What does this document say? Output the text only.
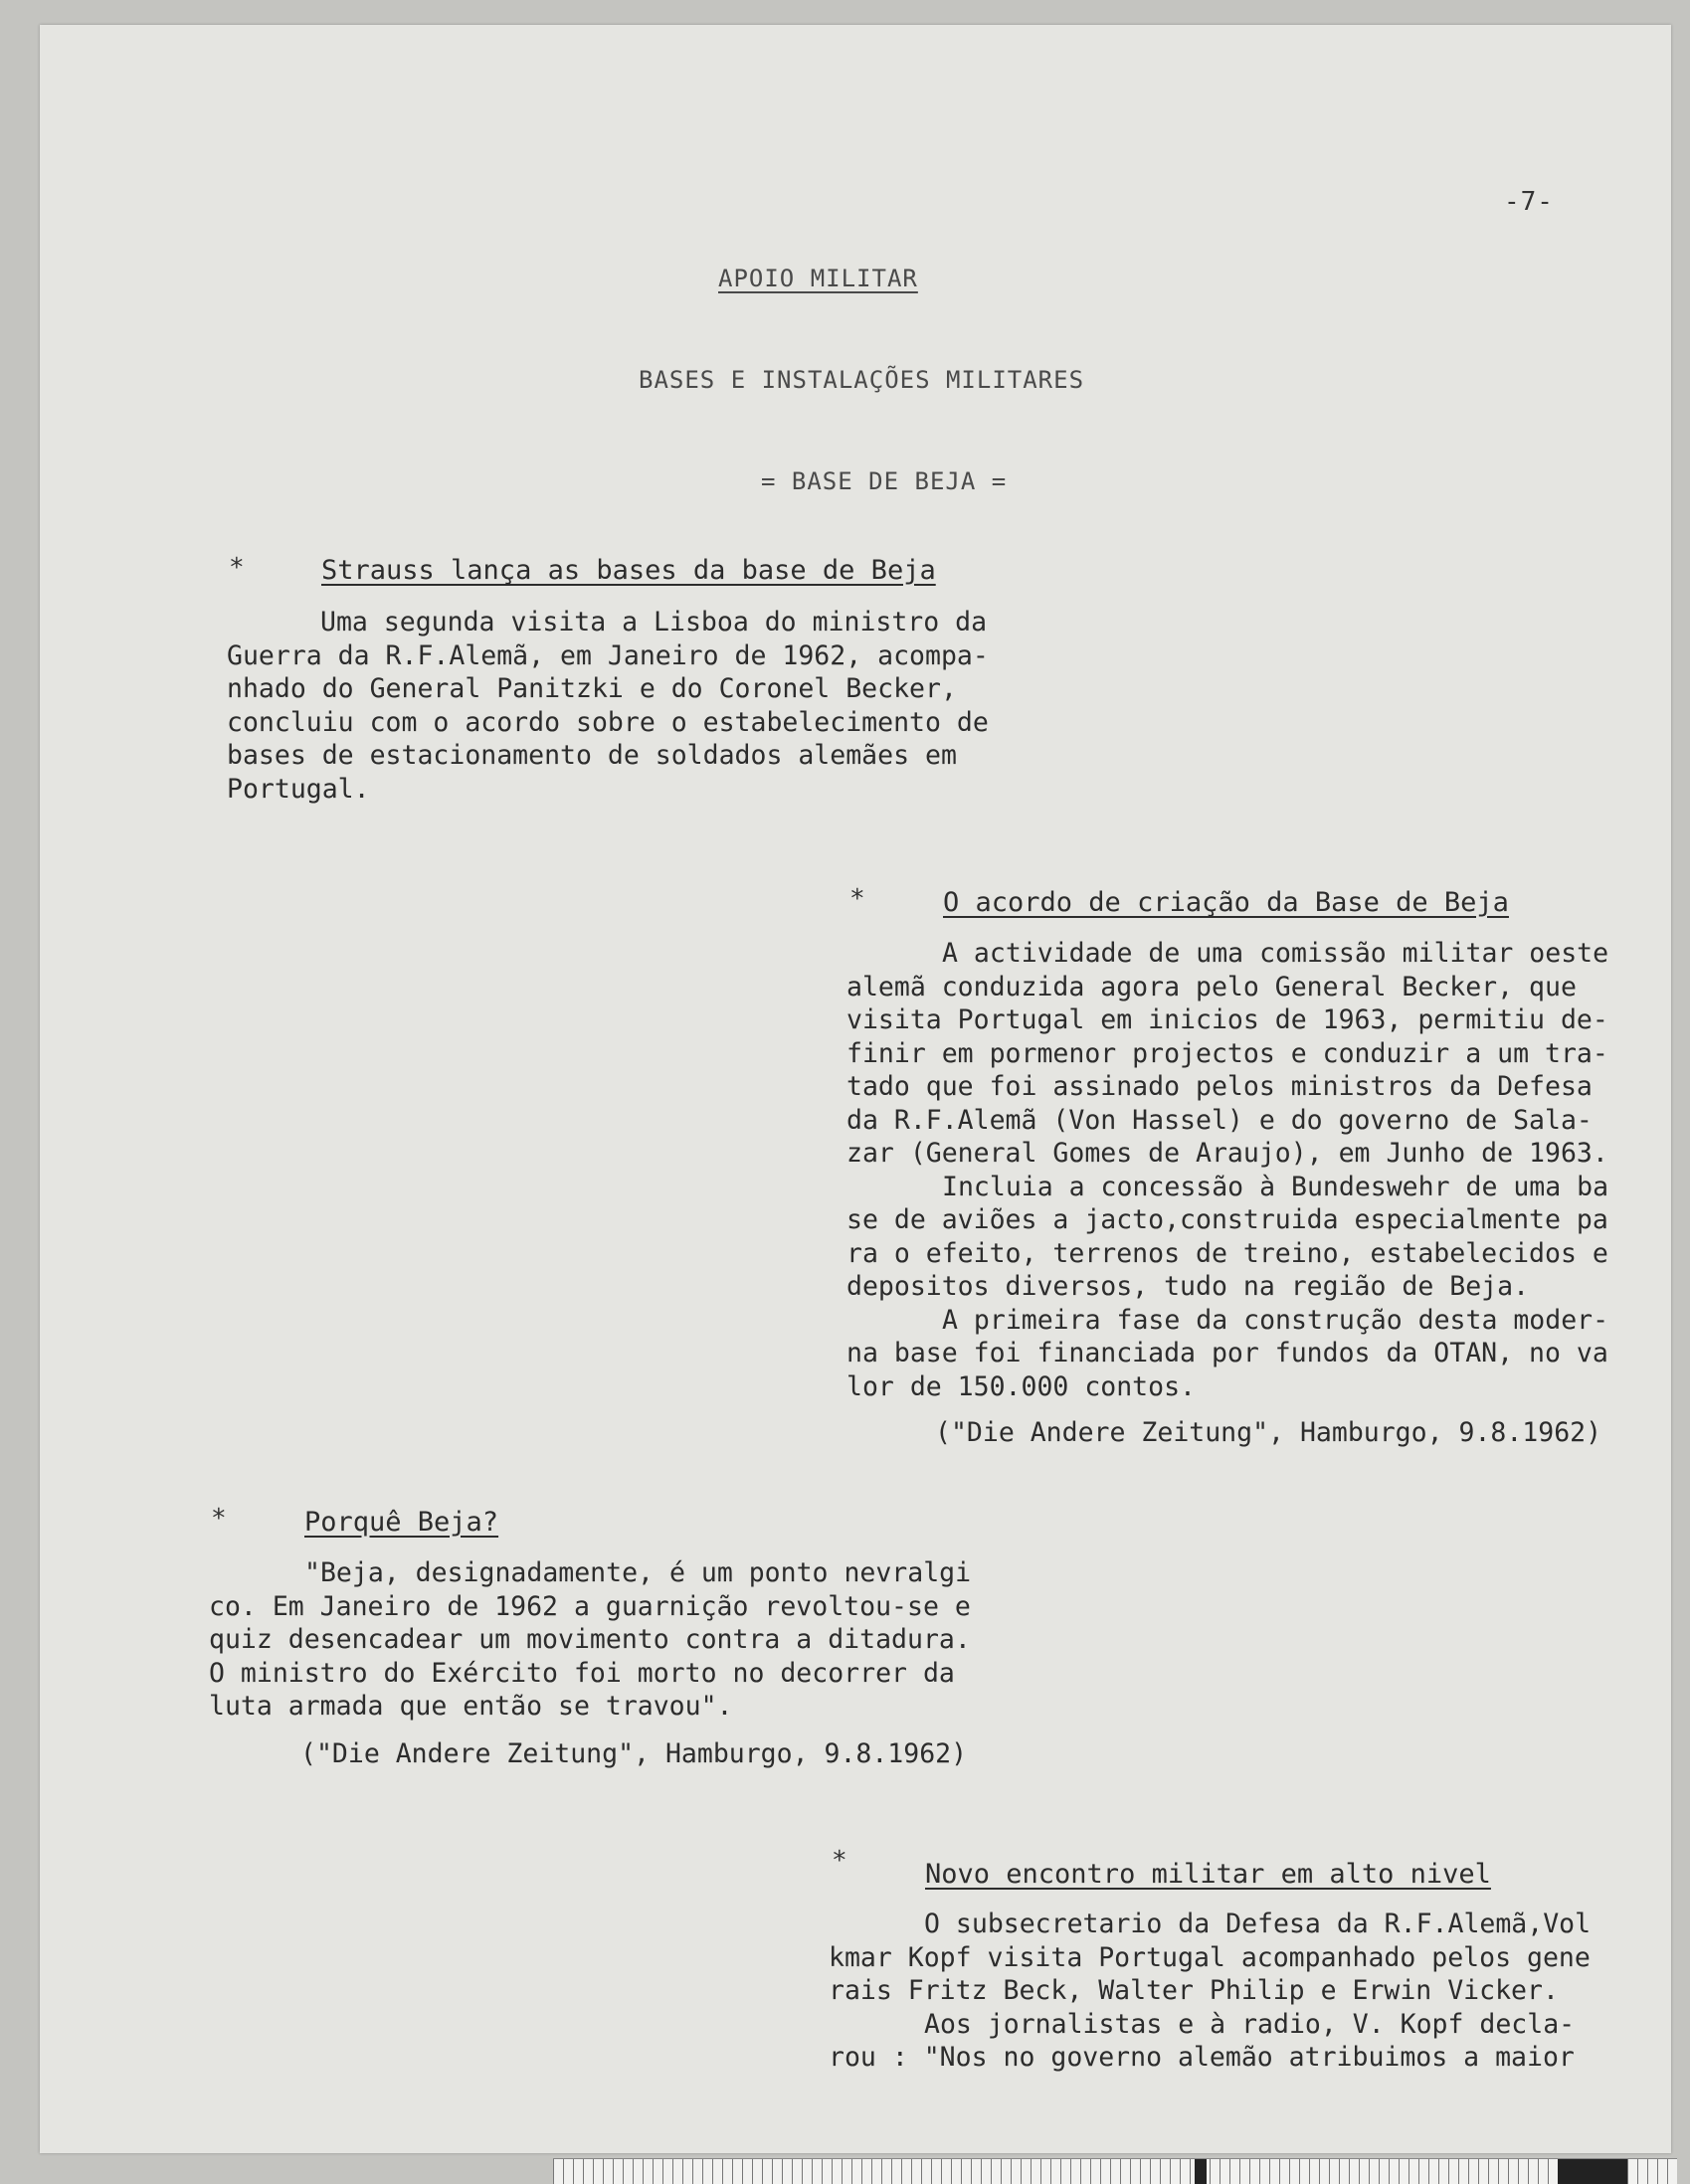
-7-
APOIO MILITAR
BASES E INSTALAÇÕES MILITARES
= BASE DE BEJA =
*	Strauss lança as bases da base de Beja
Uma segunda visita a Lisboa do ministro da
Guerra da R.F.Alemã, em Janeiro de 1962, acompa-
nhado do General Panitzki e do Coronel Becker,
concluiu com o acordo sobre o estabelecimento de
bases de estacionamento de soldados alemães em
Portugal.
*	O acordo de criação da Base de Beja
A actividade de uma comissão militar oeste
alemã conduzida agora pelo General Becker, que
visita Portugal em inicios de 1963, permitiu de-
finir em pormenor projectos e conduzir a um tra-
tado que foi assinado pelos ministros da Defesa
da R.F.Alemã (Von Hassel) e do governo de Sala-
zar (General Gomes de Araujo), em Junho de 1963.
Incluia a concessão à Bundeswehr de uma ba
se de aviões a jacto,construida especialmente pa
ra o efeito, terrenos de treino, estabelecidos e
depositos diversos, tudo na região de Beja.
A primeira fase da construção desta moder-
na base foi financiada por fundos da OTAN, no va
lor de 150.000 contos.
("Die Andere Zeitung", Hamburgo, 9.8.1962)
*	Porquê Beja?
"Beja, designadamente, é um ponto nevralgi
co. Em Janeiro de 1962 a guarnição revoltou-se e
quiz desencadear um movimento contra a ditadura.
O ministro do Exército foi morto no decorrer da
luta armada que então se travou".
("Die Andere Zeitung", Hamburgo, 9.8.1962)
*	Novo encontro militar em alto nivel
O subsecretario da Defesa da R.F.Alemã,Vol
kmar Kopf visita Portugal acompanhado pelos gene
rais Fritz Beck, Walter Philip e Erwin Vicker.
Aos jornalistas e à radio, V. Kopf decla-
rou : "Nos no governo alemão atribuimos a maior
